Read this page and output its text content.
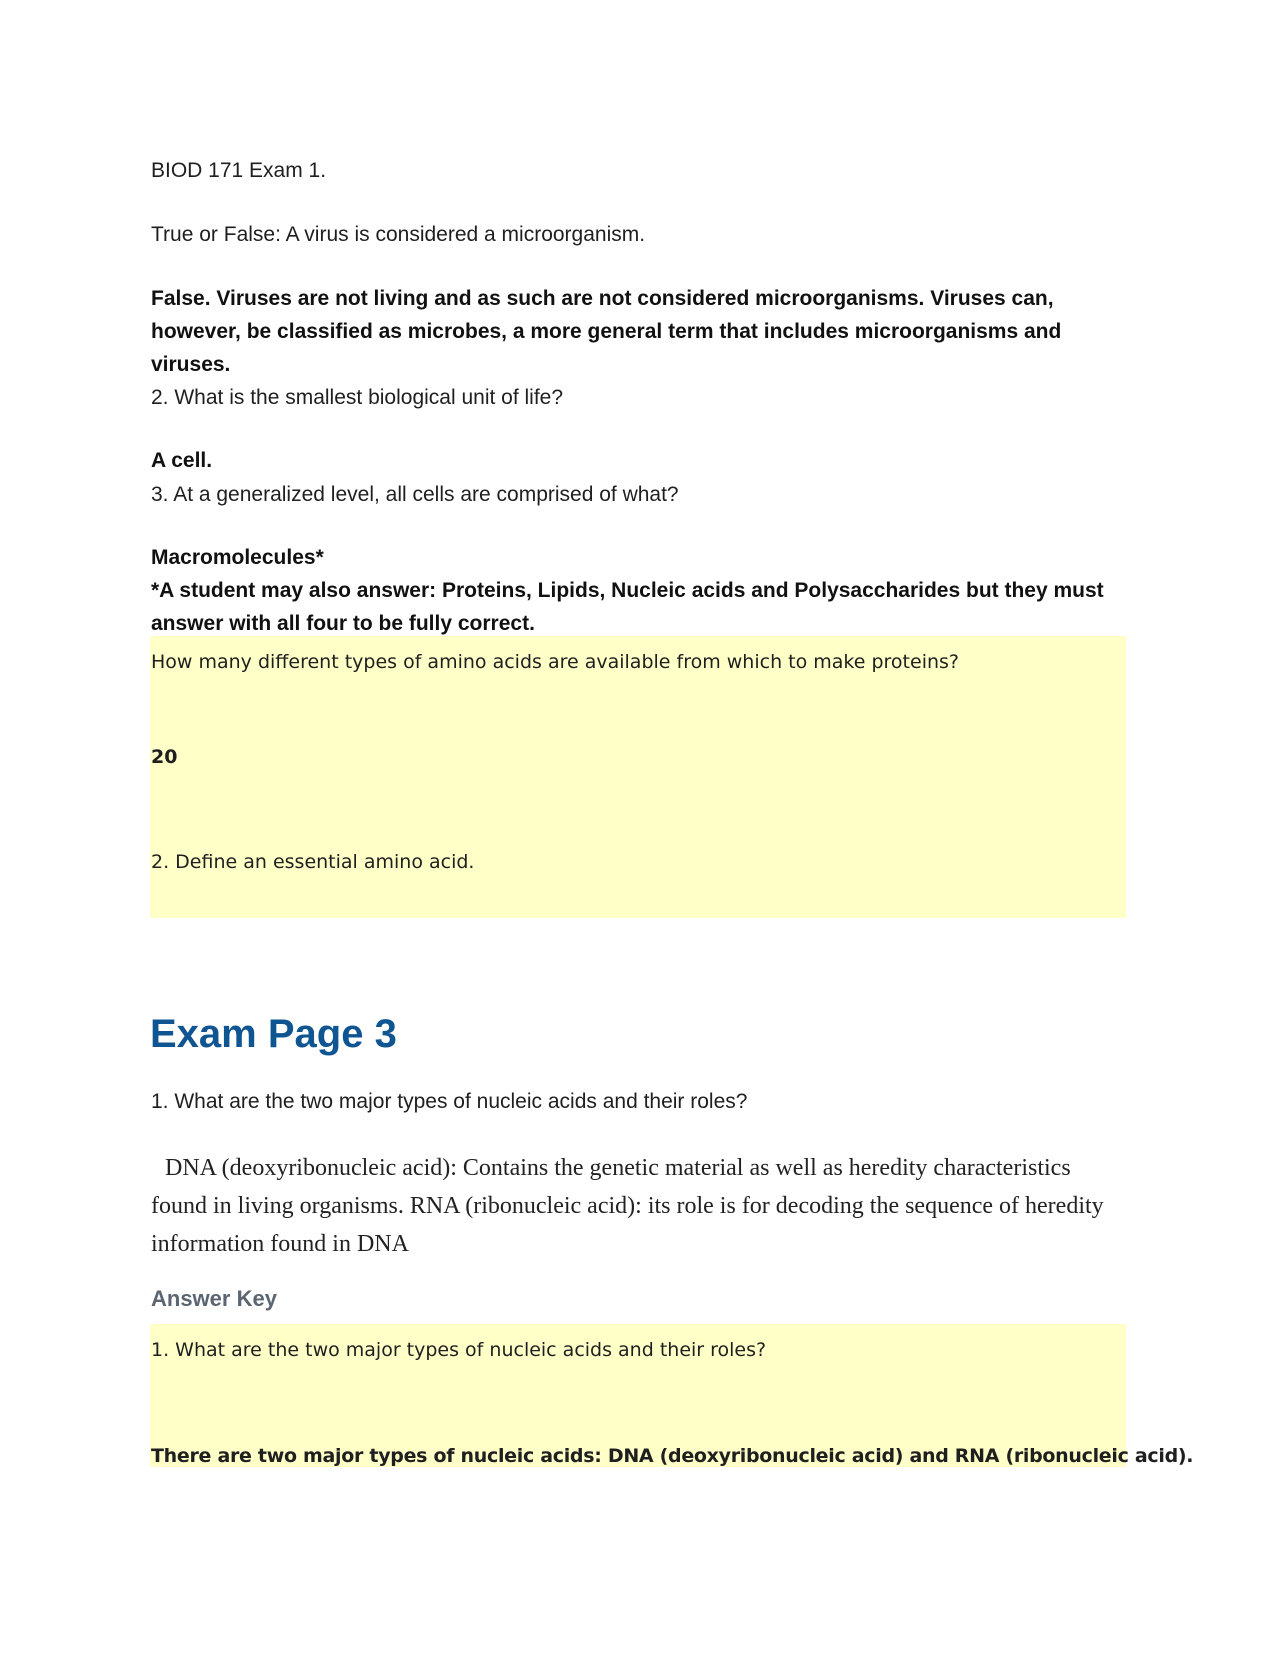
BIOD 171 Exam 1.

True or False: A virus is considered a microorganism.

False. Viruses are not living and as such are not considered microorganisms. Viruses can, however, be classified as microbes, a more general term that includes microorganisms and viruses.

2. What is the smallest biological unit of life?

A cell.

3. At a generalized level, all cells are comprised of what?

Macromolecules*

*A student may also answer: Proteins, Lipids, Nucleic acids and Polysaccharides but they must answer with all four to be fully correct.

How many different types of amino acids are available from which to make proteins?

20

2. Define an essential amino acid.

Exam Page 3

1. What are the two major types of nucleic acids and their roles?

DNA (deoxyribonucleic acid): Contains the genetic material as well as heredity characteristics found in living organisms. RNA (ribonucleic acid): its role is for decoding the sequence of heredity information found in DNA

Answer Key

1. What are the two major types of nucleic acids and their roles?

There are two major types of nucleic acids: DNA (deoxyribonucleic acid) and RNA (ribonucleic acid).
